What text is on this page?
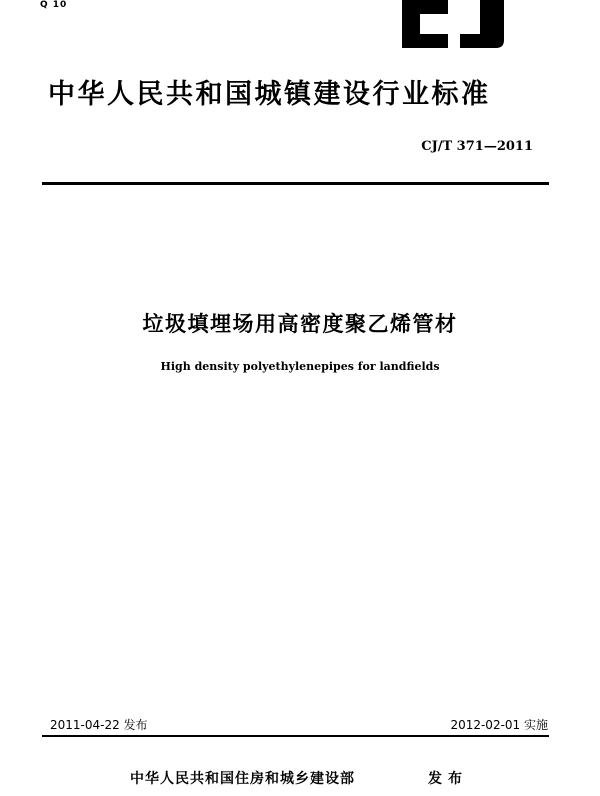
Q 10
中华人民共和国城镇建设行业标准
CJ/T 371—2011
垃圾填埋场用高密度聚乙烯管材
High density polyethylenepipes for landfields
2011-04-22 发布	2012-02-01 实施
中华人民共和国住房和城乡建设部	发布
